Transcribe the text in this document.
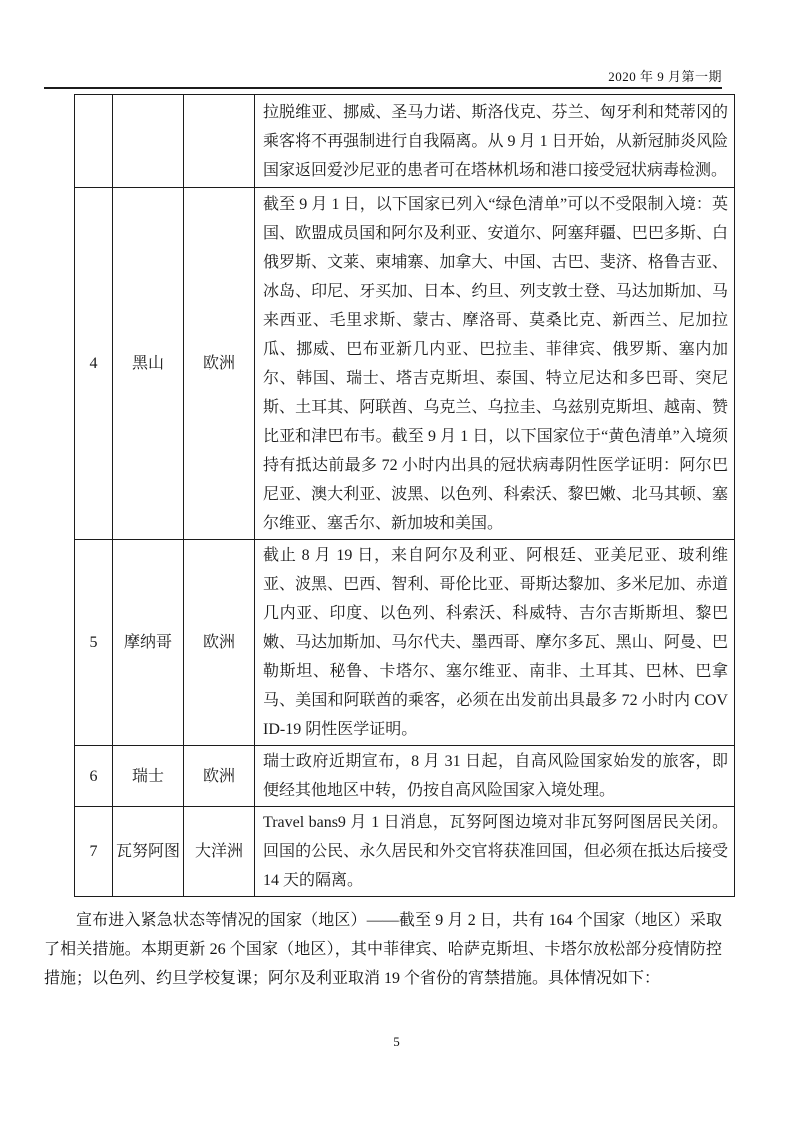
2020 年 9 月第一期
			拉脱维亚、挪威、圣马力诺、斯洛伐克、芬兰、匈牙利和梵蒂冈的乘客将不再强制进行自我隔离。从 9 月 1 日开始，从新冠肺炎风险国家返回爱沙尼亚的患者可在塔林机场和港口接受冠状病毒检测。
4	黑山	欧洲	截至 9 月 1 日，以下国家已列入“绿色清单”可以不受限制入境：英国、欧盟成员国和阿尔及利亚、安道尔、阿塞拜疆、巴巴多斯、白俄罗斯、文莱、柬埔寨、加拿大、中国、古巴、斐济、格鲁吉亚、冰岛、印尼、牙买加、日本、约旦、列支敦士登、马达加斯加、马来西亚、毛里求斯、蒙古、摩洛哥、莫桑比克、新西兰、尼加拉瓜、挪威、巴布亚新几内亚、巴拉圭、菲律宾、俄罗斯、塞内加尔、韩国、瑞士、塔吉克斯坦、泰国、特立尼达和多巴哥、突尼斯、土耳其、阿联酋、乌克兰、乌拉圭、乌兹别克斯坦、越南、赞比亚和津巴布韦。截至 9 月 1 日，以下国家位于“黄色清单”入境须持有抵达前最多 72 小时内出具的冠状病毒阴性医学证明：阿尔巴尼亚、澳大利亚、波黑、以色列、科索沃、黎巴嫩、北马其顿、塞尔维亚、塞舌尔、新加坡和美国。
5	摩纳哥	欧洲	截止 8 月 19 日，来自阿尔及利亚、阿根廷、亚美尼亚、玻利维亚、波黑、巴西、智利、哥伦比亚、哥斯达黎加、多米尼加、赤道几内亚、印度、以色列、科索沃、科威特、吉尔吉斯斯坦、黎巴嫩、马达加斯加、马尔代夫、墨西哥、摩尔多瓦、黑山、阿曼、巴勒斯坦、秘鲁、卡塔尔、塞尔维亚、南非、土耳其、巴林、巴拿马、美国和阿联酋的乘客，必须在出发前出具最多 72 小时内 COVID-19 阴性医学证明。
6	瑞士	欧洲	瑞士政府近期宣布，8 月 31 日起，自高风险国家始发的旅客，即便经其他地区中转，仍按自高风险国家入境处理。
7	瓦努阿图	大洋洲	Travel bans9 月 1 日消息，瓦努阿图边境对非瓦努阿图居民关闭。回国的公民、永久居民和外交官将获准回国，但必须在抵达后接受 14 天的隔离。
宣布进入紧急状态等情况的国家（地区）——截至 9 月 2 日，共有 164 个国家（地区）采取了相关措施。本期更新 26 个国家（地区），其中菲律宾、哈萨克斯坦、卡塔尔放松部分疫情防控措施；以色列、约旦学校复课；阿尔及利亚取消 19 个省份的宵禁措施。具体情况如下：
5
